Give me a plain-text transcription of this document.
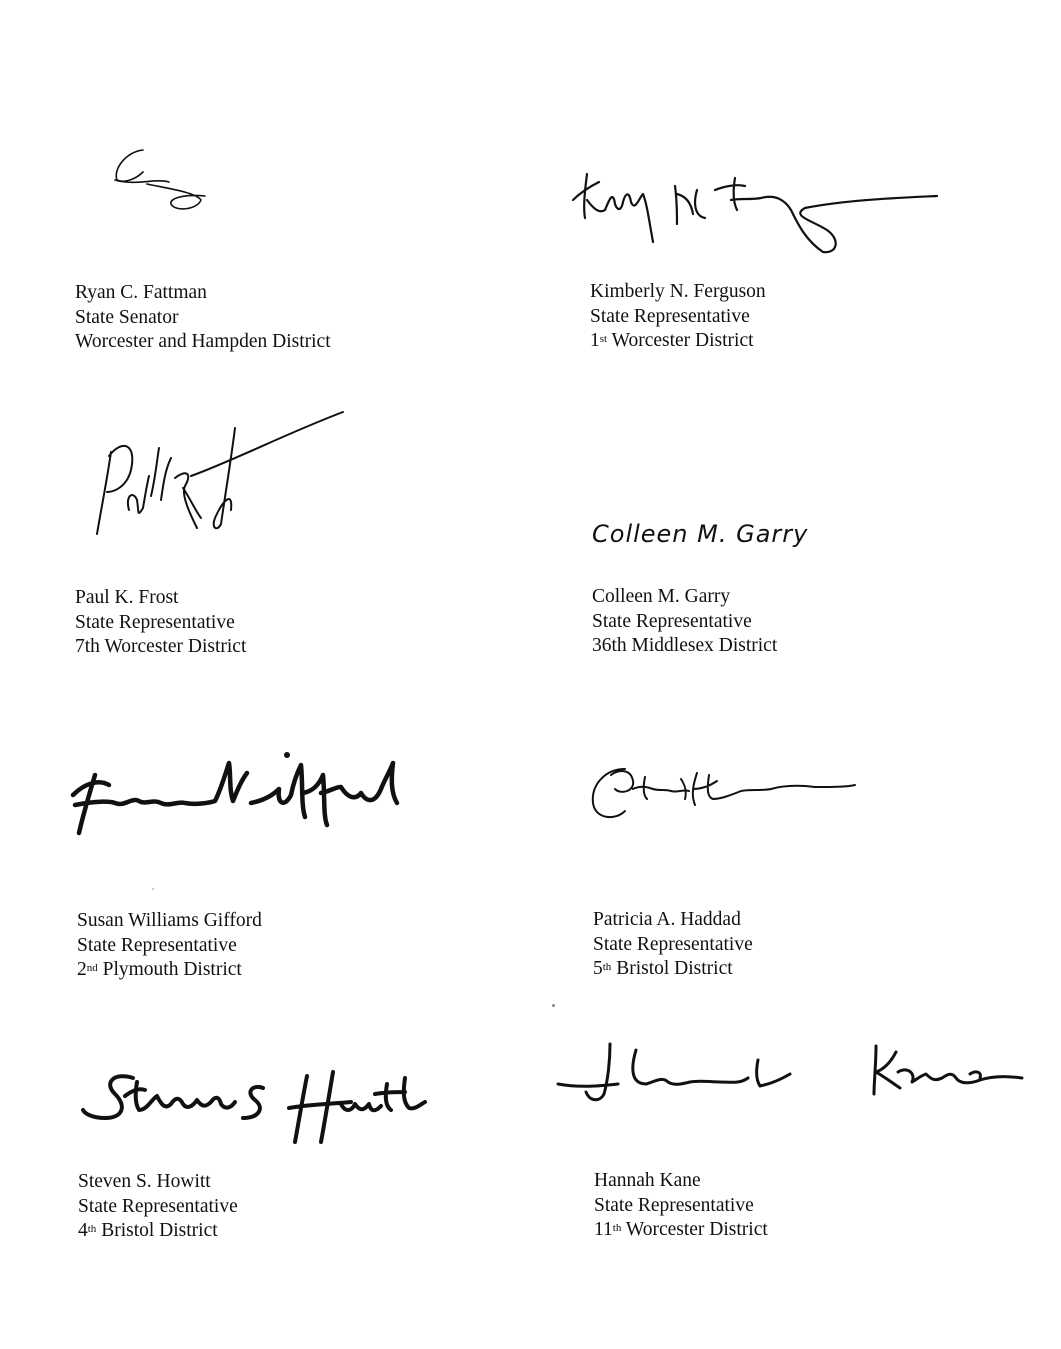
Ryan C. Fattman
State Senator
Worcester and Hampden District
Kimberly N. Ferguson
State Representative
1st Worcester District
Paul K. Frost
State Representative
7th Worcester District
Colleen M. Garry
Colleen M. Garry
State Representative
36th Middlesex District
Susan Williams Gifford
State Representative
2nd Plymouth District
Patricia A. Haddad
State Representative
5th Bristol District
Steven S. Howitt
State Representative
4th Bristol District
Hannah Kane
State Representative
11th Worcester District
